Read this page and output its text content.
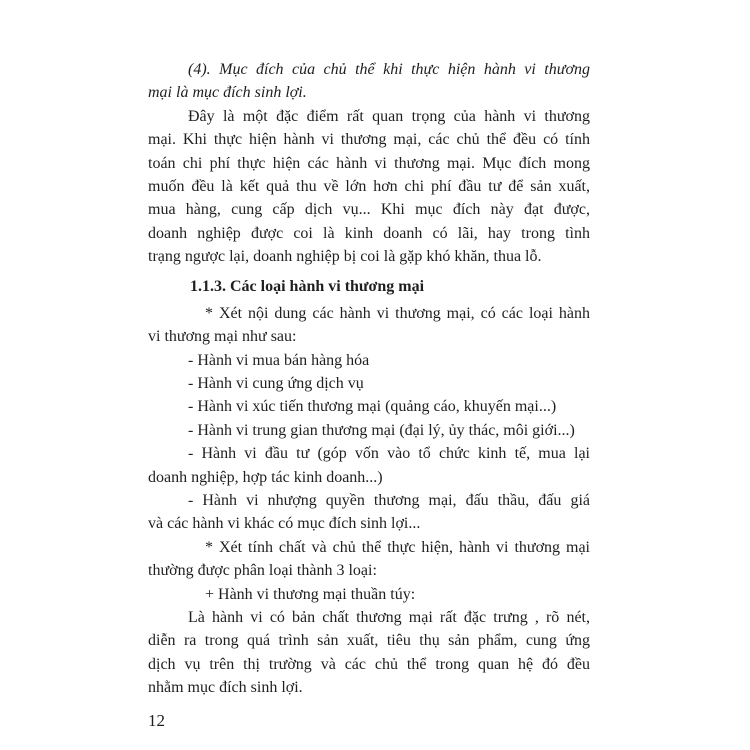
(4). Mục đích của chủ thể khi thực hiện hành vi thương
mại là mục đích sinh lợi.
Đây là một đặc điểm rất quan trọng của hành vi thương
mại. Khi thực hiện hành vi thương mại, các chủ thể đều có tính
toán chi phí thực hiện các hành vi thương mại. Mục đích mong
muốn đều là kết quả thu về lớn hơn chi phí đầu tư để sản xuất,
mua hàng, cung cấp dịch vụ... Khi mục đích này đạt được,
doanh nghiệp được coi là kinh doanh có lãi, hay trong tình
trạng ngược lại, doanh nghiệp bị coi là gặp khó khăn, thua lỗ.
1.1.3. Các loại hành vi thương mại
* Xét nội dung các hành vi thương mại, có các loại hành
vi thương mại như sau:
- Hành vi mua bán hàng hóa
- Hành vi cung ứng dịch vụ
- Hành vi xúc tiến thương mại (quảng cáo, khuyến mại...)
- Hành vi trung gian thương mại (đại lý, ủy thác, môi giới...)
- Hành vi đầu tư (góp vốn vào tổ chức kinh tế, mua lại
doanh nghiệp, hợp tác kinh doanh...)
- Hành vi nhượng quyền thương mại, đấu thầu, đấu giá
và các hành vi khác có mục đích sinh lợi...
* Xét tính chất và chủ thể thực hiện, hành vi thương mại
thường được phân loại thành 3 loại:
+ Hành vi thương mại thuần túy:
Là hành vi có bản chất thương mại rất đặc trưng , rõ nét,
diễn ra trong quá trình sản xuất, tiêu thụ sản phẩm, cung ứng
dịch vụ trên thị trường và các chủ thể trong quan hệ đó đều
nhằm mục đích sinh lợi.
12
